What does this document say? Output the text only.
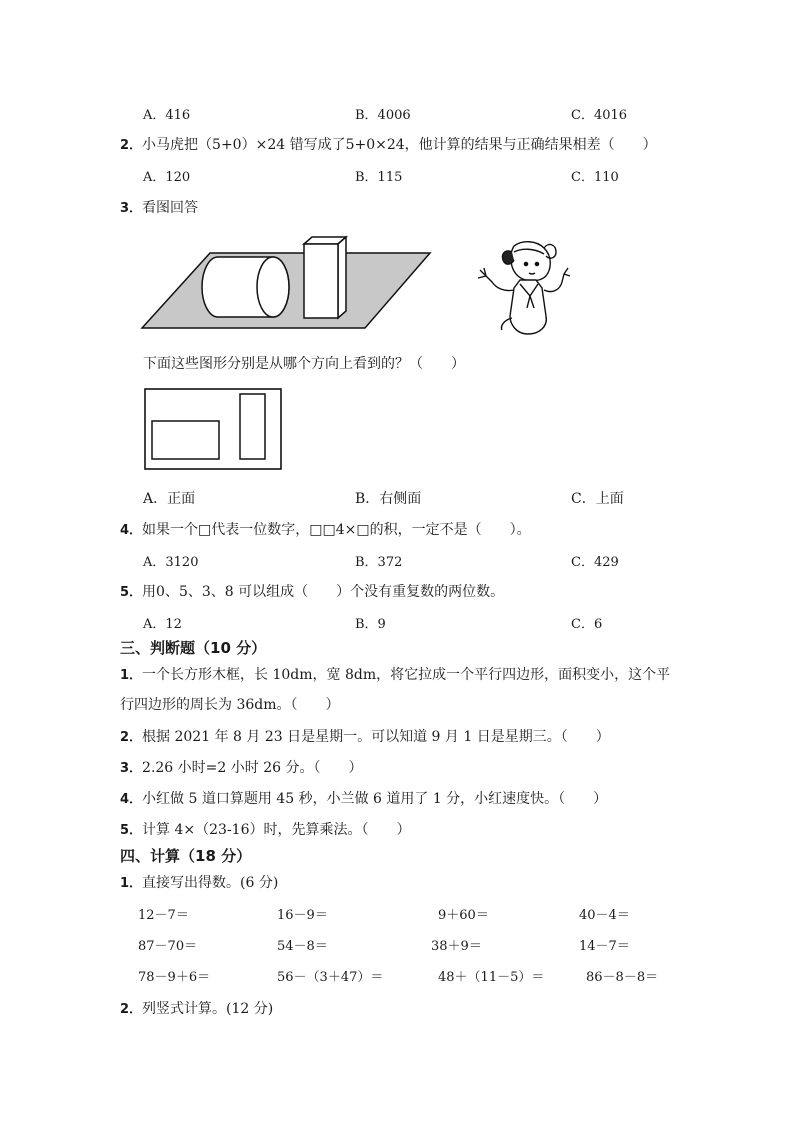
A．416	B．4006	C．4016
2．小马虎把（5+0）×24 错写成了5+0×24，他计算的结果与正确结果相差（　　）
A．120	B．115	C．110
3．看图回答
下面这些图形分别是从哪个方向上看到的？（　　）
A．正面	B．右侧面	C．上面
4．如果一个□代表一位数字，□□4×□的积，一定不是（　　）。
A．3120	B．372	C．429
5．用0、5、3、8 可以组成（　　）个没有重复数的两位数。
A．12	B．9	C．6
三、判断题（10 分）
1．一个长方形木框，长 10dm，宽 8dm，将它拉成一个平行四边形，面积变小，这个平
行四边形的周长为 36dm。（　　）
2．根据 2021 年 8 月 23 日是星期一。可以知道 9 月 1 日是星期三。（　　）
3．2.26 小时=2 小时 26 分。（　　）
4．小红做 5 道口算题用 45 秒，小兰做 6 道用了 1 分，小红速度快。（　　）
5．计算 4×（23-16）时，先算乘法。（　　）
四、计算（18 分）
1．直接写出得数。(6 分)
12－7＝	16－9＝	9＋60＝	40－4＝
87－70＝	54－8＝	38＋9＝	14－7＝
78－9＋6＝	56－（3＋47）＝	48＋（11－5）＝	86－8－8＝
2．列竖式计算。(12 分)
